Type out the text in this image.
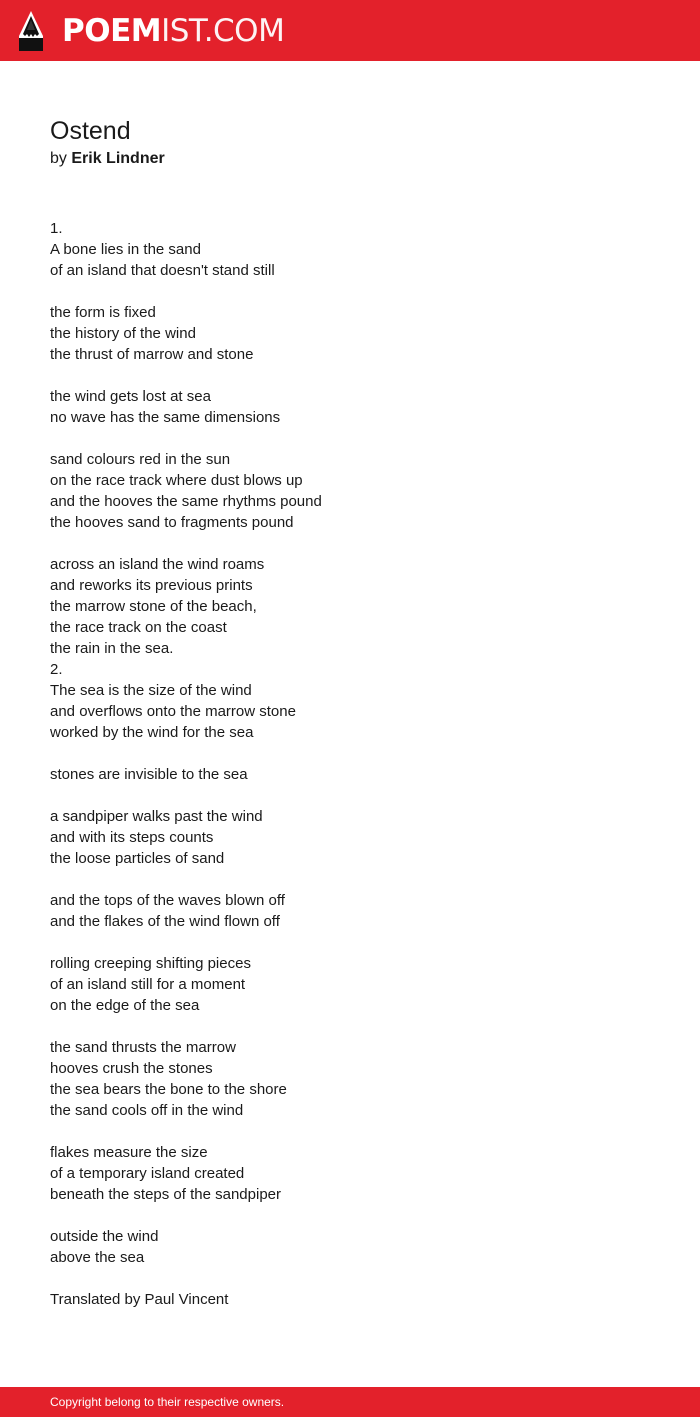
POEMIST.COM
Ostend
by Erik Lindner
1.
A bone lies in the sand
of an island that doesn't stand still
the form is fixed
the history of the wind
the thrust of marrow and stone
the wind gets lost at sea
no wave has the same dimensions
sand colours red in the sun
on the race track where dust blows up
and the hooves the same rhythms pound
the hooves sand to fragments pound
across an island the wind roams
and reworks its previous prints
the marrow stone of the beach,
the race track on the coast
the rain in the sea.
2.
The sea is the size of the wind
and overflows onto the marrow stone
worked by the wind for the sea
stones are invisible to the sea
a sandpiper walks past the wind
and with its steps counts
the loose particles of sand
and the tops of the waves blown off
and the flakes of the wind flown off
rolling creeping shifting pieces
of an island still for a moment
on the edge of the sea
the sand thrusts the marrow
hooves crush the stones
the sea bears the bone to the shore
the sand cools off in the wind
flakes measure the size
of a temporary island created
beneath the steps of the sandpiper
outside the wind
above the sea
Translated by Paul Vincent
Copyright belong to their respective owners.
